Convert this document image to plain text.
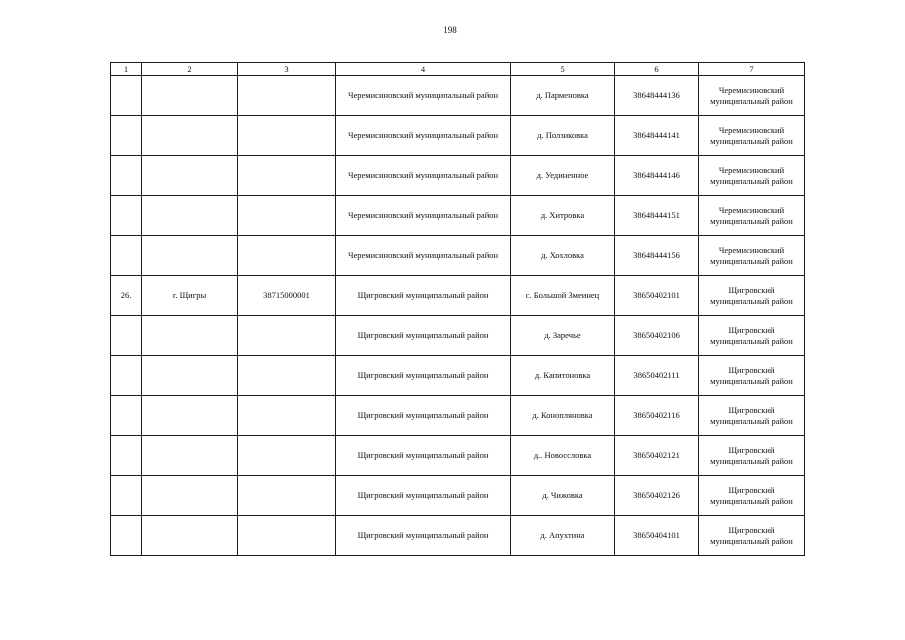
198
1	2	3	4	5	6	7
			Черемисиновский муниципальный район	д. Парменовка	38648444136	Черемисиновский муниципальный район
			Черемисиновский муниципальный район	д. Ползиковка	38648444141	Черемисиновский муниципальный район
			Черемисиновский муниципальный район	д. Уединенное	38648444146	Черемисиновский муниципальный район
			Черемисиновский муниципальный район	д. Хитровка	38648444151	Черемисиновский муниципальный район
			Черемисиновский муниципальный район	д. Хохловка	38648444156	Черемисиновский муниципальный район
26.	г. Щигры	38715000001	Щигровский муниципальный район	с. Большой Змеинец	38650402101	Щигровский муниципальный район
			Щигровский муниципальный район	д. Заречье	38650402106	Щигровский муниципальный район
			Щигровский муниципальный район	д. Капитоновка	38650402111	Щигровский муниципальный район
			Щигровский муниципальный район	д. Конопляновка	38650402116	Щигровский муниципальный район
			Щигровский муниципальный район	д.. Новоссловка	38650402121	Щигровский муниципальный район
			Щигровский муниципальный район	д. Чижовка	38650402126	Щигровский муниципальный район
			Щигровский муниципальный район	д. Апухтина	38650404101	Щигровский муниципальный район
